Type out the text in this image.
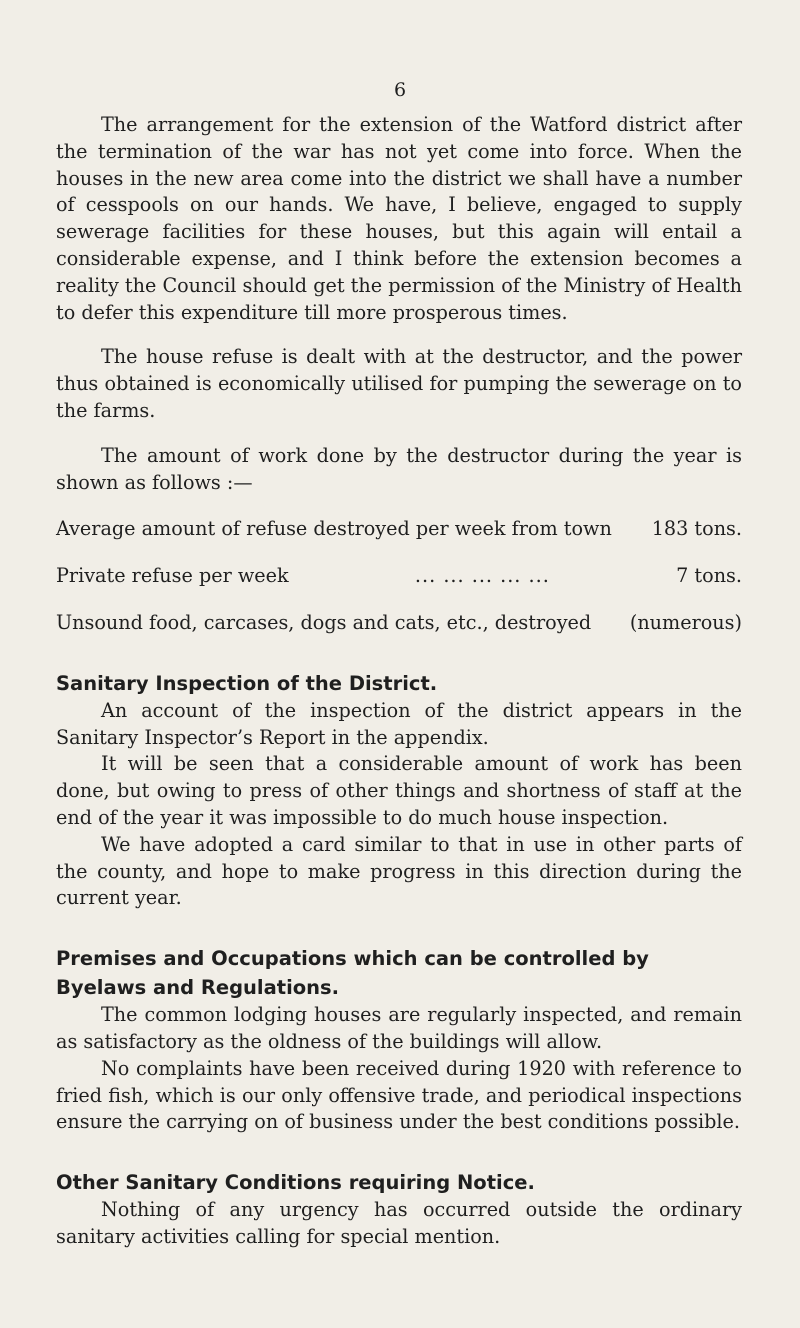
6

The arrangement for the extension of the Watford district after the termination of the war has not yet come into force. When the houses in the new area come into the district we shall have a number of cesspools on our hands. We have, I believe, engaged to supply sewerage facilities for these houses, but this again will entail a considerable expense, and I think before the extension becomes a reality the Council should get the permission of the Ministry of Health to defer this expenditure till more prosperous times.

The house refuse is dealt with at the destructor, and the power thus obtained is economically utilised for pumping the sewerage on to the farms.

The amount of work done by the destructor during the year is shown as follows :—

Average amount of refuse destroyed per week from town 183 tons.
Private refuse per week	... ... ... ... ...	7 tons.
Unsound food, carcases, dogs and cats, etc., destroyed (numerous)

Sanitary Inspection of the District.

An account of the inspection of the district appears in the Sanitary Inspector’s Report in the appendix.

It will be seen that a considerable amount of work has been done, but owing to press of other things and shortness of staff at the end of the year it was impossible to do much house inspection.

We have adopted a card similar to that in use in other parts of the county, and hope to make progress in this direction during the current year.

Premises and Occupations which can be controlled by Byelaws and Regulations.

The common lodging houses are regularly inspected, and remain as satisfactory as the oldness of the buildings will allow.

No complaints have been received during 1920 with reference to fried fish, which is our only offensive trade, and periodical inspections ensure the carrying on of business under the best conditions possible.

Other Sanitary Conditions requiring Notice.

Nothing of any urgency has occurred outside the ordinary sanitary activities calling for special mention.
